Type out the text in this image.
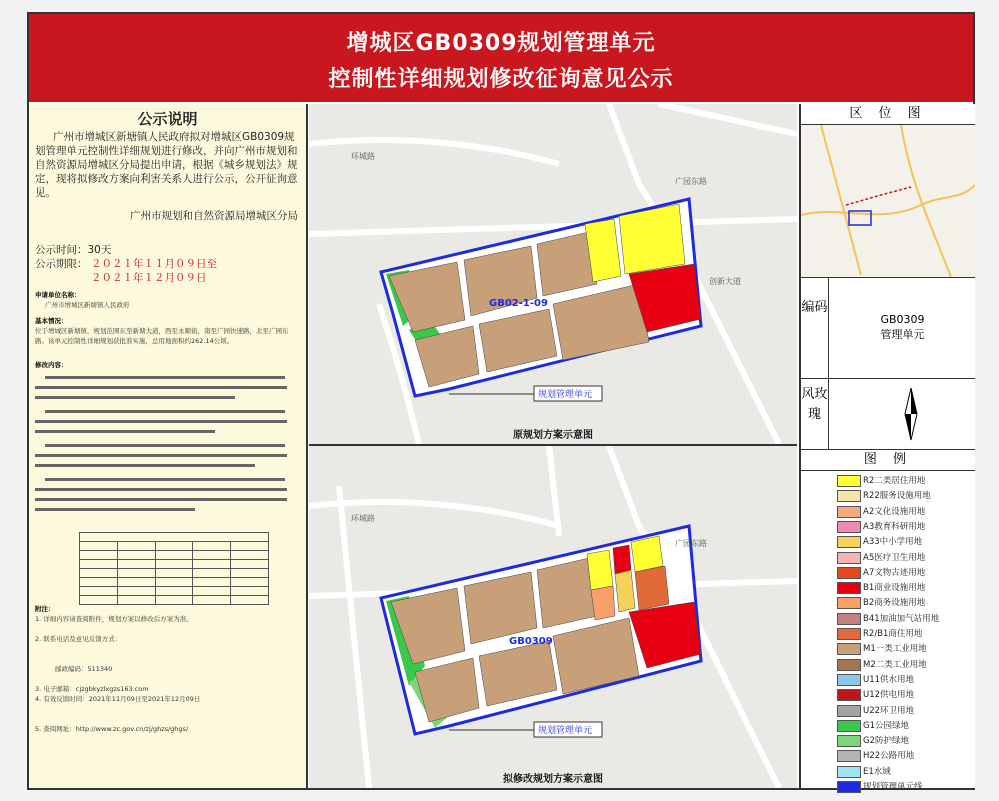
增城区GB0309规划管理单元
控制性详细规划修改征询意见公示
公示说明
广州市增城区新塘镇人民政府拟对增城区GB0309规划管理单元控制性详细规划进行修改，并向广州市规划和自然资源局增城区分局提出申请，根据《城乡规划法》规定，现将拟修改方案向利害关系人进行公示，公开征询意见。
广州市规划和自然资源局增城区分局
公示时间：30天
公示期限： ２０２１年１１月０９日至
２０２１年１２月０９日
申请单位名称：
广州市增城区新塘镇人民政府
基本情况：
位于增城区新塘镇，规划范围东至新塘大道，西至永顺街，南至广园快速路，北至广园东路。该单元控制性详细规划获批准实施，总用地面积约262.14公顷。
修改内容：

附注：
1. 详细内容请查阅附件，规划方案以修改后方案为准。

2. 联系电话及意见反馈方式：

邮政编码：511340

3. 电子邮箱：cjzgbkyzlxgzs163.com
4. 有效反馈时间：2021年11月09日至2021年12月09日

5. 查阅网址：http://www.zc.gov.cn/zj/ghzs/ghgs/
GB02-1-09
环城路
广园东路
创新大道
规划管理单元
原规划方案示意图
GB0309
环城路
广园东路
规划管理单元
拟修改规划方案示意图
区 位 图
编码
GB0309
管理单元
风玫瑰
图 例
R2二类居住用地
R22服务设施用地
A2文化设施用地
A3教育科研用地
A33中小学用地
A5医疗卫生用地
A7文物古迹用地
B1商业设施用地
B2商务设施用地
B41加油加气站用地
R2/B1商住用地
M1一类工业用地
M2二类工业用地
U11供水用地
U12供电用地
U22环卫用地
G1公园绿地
G2防护绿地
H22公路用地
E1水域
规划管理单元线
